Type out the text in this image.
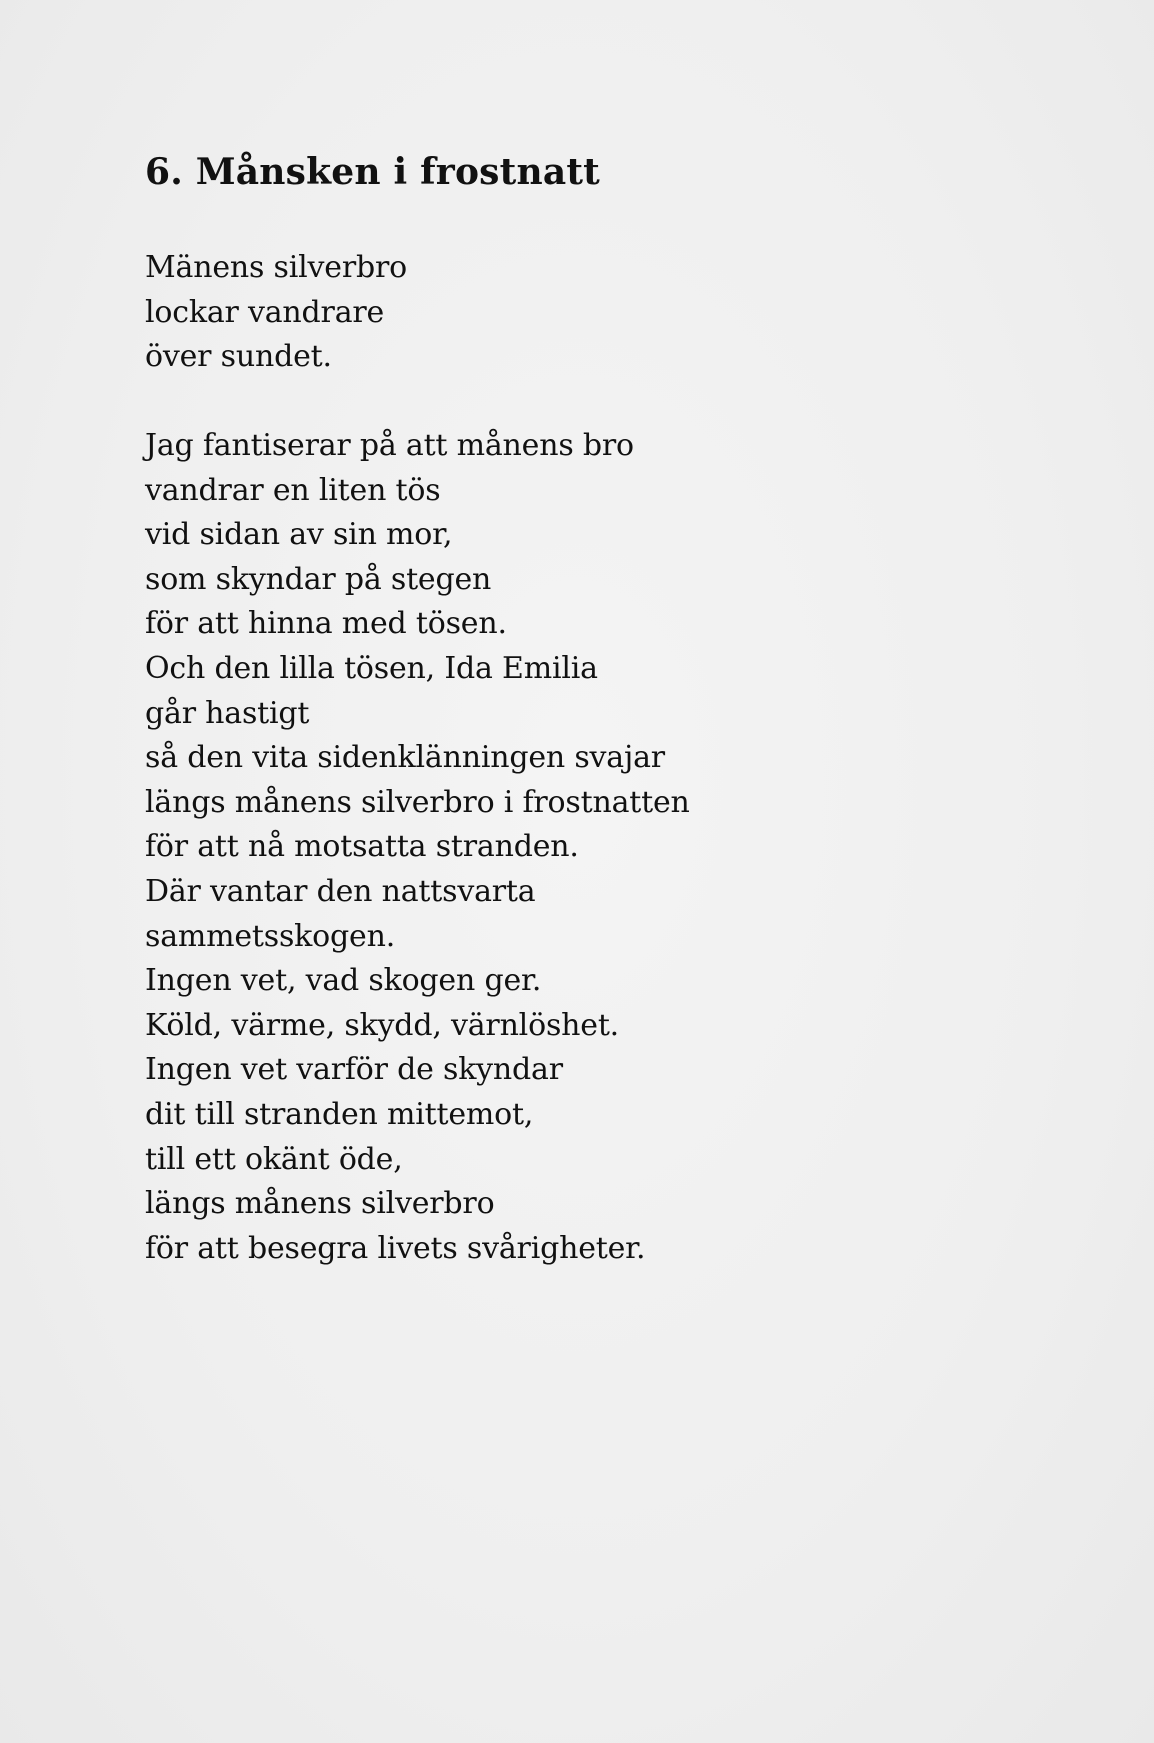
6. Månsken i frostnatt
Mänens silverbro
lockar vandrare
över sundet.
Jag fantiserar på att månens bro
vandrar en liten tös
vid sidan av sin mor,
som skyndar på stegen
för att hinna med tösen.
Och den lilla tösen, Ida Emilia
går hastigt
så den vita sidenklänningen svajar
längs månens silverbro i frostnatten
för att nå motsatta stranden.
Där vantar den nattsvarta
sammetsskogen.
Ingen vet, vad skogen ger.
Köld, värme, skydd, värnlöshet.
Ingen vet varför de skyndar
dit till stranden mittemot,
till ett okänt öde,
längs månens silverbro
för att besegra livets svårigheter.
